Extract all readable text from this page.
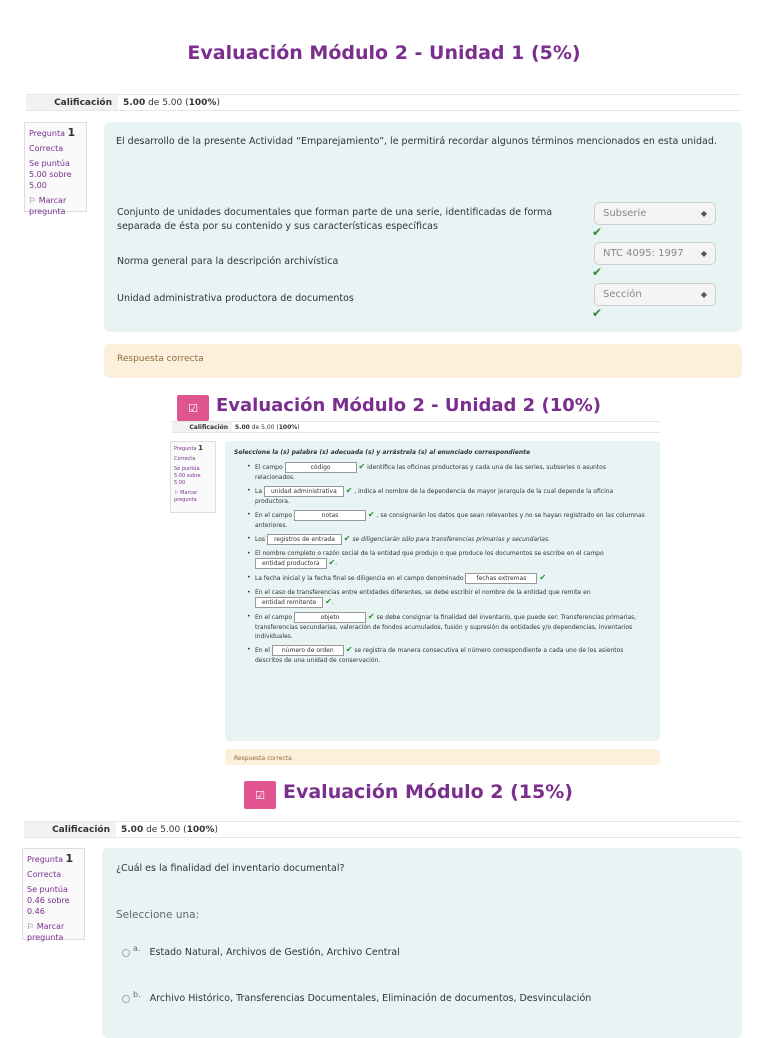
Evaluación Módulo 2 - Unidad 1 (5%)
Calificación	5.00
de 5.00 ( 100% )
Pregunta 1
Correcta
Se puntúa 5.00 sobre 5.00
⚐ Marcar pregunta
El desarrollo de la presente Actividad “Emparejamiento”, le permitirá recordar algunos términos mencionados en esta unidad.
Conjunto de unidades documentales que forman parte de una serie, identificadas de forma separada de ésta por su contenido y sus características específicas
Subserie	◆
✔
Norma general para la descripción archivística
NTC 4095: 1997 ◆
✔
Unidad administrativa productora de documentos	Sección	◆
✔
Respuesta correcta
☑	Evaluación Módulo 2 - Unidad 2 (10%)
Calificación	5.00
de 5.00 ( 100% )
Pregunta 1
Correcta
Se puntúa 5.00 sobre 5.00
⚐ Marcar pregunta
Seleccione la (s) palabra (s) adecuada (s) y arrástrela (s) al enunciado correspondiente
• El campo	código	✔ identifica las oficinas productoras y cada una de las series, subseries o asuntos relacionados.
• La unidad administrativa ✔ , indica el nombre de la dependencia de mayor jerarquía de la cual depende la oficina productora.
• En el campo	notas	✔ , se consignarán los datos que sean relevantes y no se hayan registrado en las columnas anteriores.
• Los registros de entrada ✔ se diligenciarán sólo para transferencias primarias y secundarias.
• El nombre completo o razón social de la entidad que produjo o que produce los documentos se escribe en el campo entidad productora ✔.
• La fecha inicial y la fecha final se diligencia en el campo denominado fechas extremas ✔
• En el caso de transferencias entre entidades diferentes, se debe escribir el nombre de la entidad que remite en entidad remitente ✔.
• En el campo	objeto	✔ se debe consignar la finalidad del inventario, que puede ser: Transferencias primarias, transferencias secundarias, valoración de fondos acumulados, fusión y supresión de entidades y/o dependencias, inventarios individuales.
• En el número de orden ✔ se registra de manera consecutiva el número correspondiente a cada uno de los asientos descritos de una unidad de conservación.
Respuesta correcta
☑ Evaluación Módulo 2 (15%)
Calificación	5.00
de 5.00 ( 100% )
Pregunta 1
Correcta
Se puntúa 0.46 sobre 0.46
⚐ Marcar pregunta
¿Cuál es la finalidad del inventario documental?
Seleccione una:
$^{a.}$ Estado Natural, Archivos de Gestión, Archivo Central
$^{b.}$ Archivo Histórico, Transferencias Documentales, Eliminación de documentos, Desvinculación
